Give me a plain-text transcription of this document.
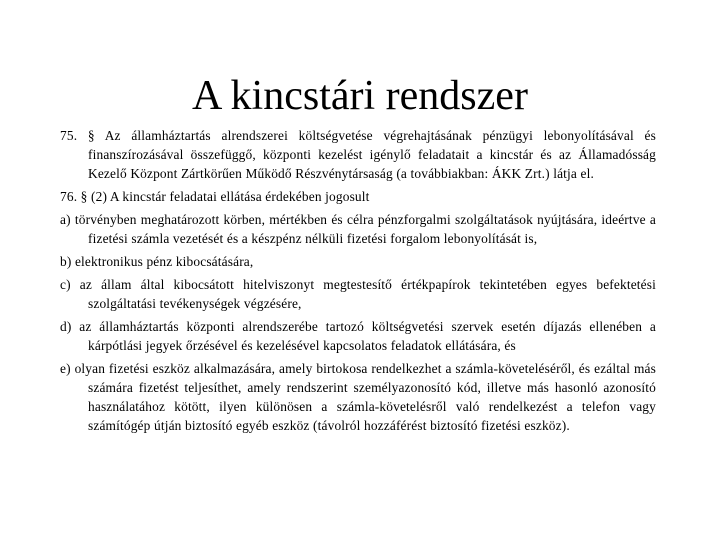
A kincstári rendszer

75. § Az államháztartás alrendszerei költségvetése végrehajtásának pénzügyi lebonyolításával és finanszírozásával összefüggő, központi kezelést igénylő feladatait a kincstár és az Államadósság Kezelő Központ Zártkörűen Működő Részvénytársaság (a továbbiakban: ÁKK Zrt.) látja el.

76. § (2) A kincstár feladatai ellátása érdekében jogosult

a) törvényben meghatározott körben, mértékben és célra pénzforgalmi szolgáltatások nyújtására, ideértve a fizetési számla vezetését és a készpénz nélküli fizetési forgalom lebonyolítását is,

b) elektronikus pénz kibocsátására,

c) az állam által kibocsátott hitelviszonyt megtestesítő értékpapírok tekintetében egyes befektetési szolgáltatási tevékenységek végzésére,

d) az államháztartás központi alrendszerébe tartozó költségvetési szervek esetén díjazás ellenében a kárpótlási jegyek őrzésével és kezelésével kapcsolatos feladatok ellátására, és

e) olyan fizetési eszköz alkalmazására, amely birtokosa rendelkezhet a számla-követeléséről, és ezáltal más számára fizetést teljesíthet, amely rendszerint személyazonosító kód, illetve más hasonló azonosító használatához kötött, ilyen különösen a számla-követelésről való rendelkezést a telefon vagy számítógép útján biztosító egyéb eszköz (távolról hozzáférést biztosító fizetési eszköz).
